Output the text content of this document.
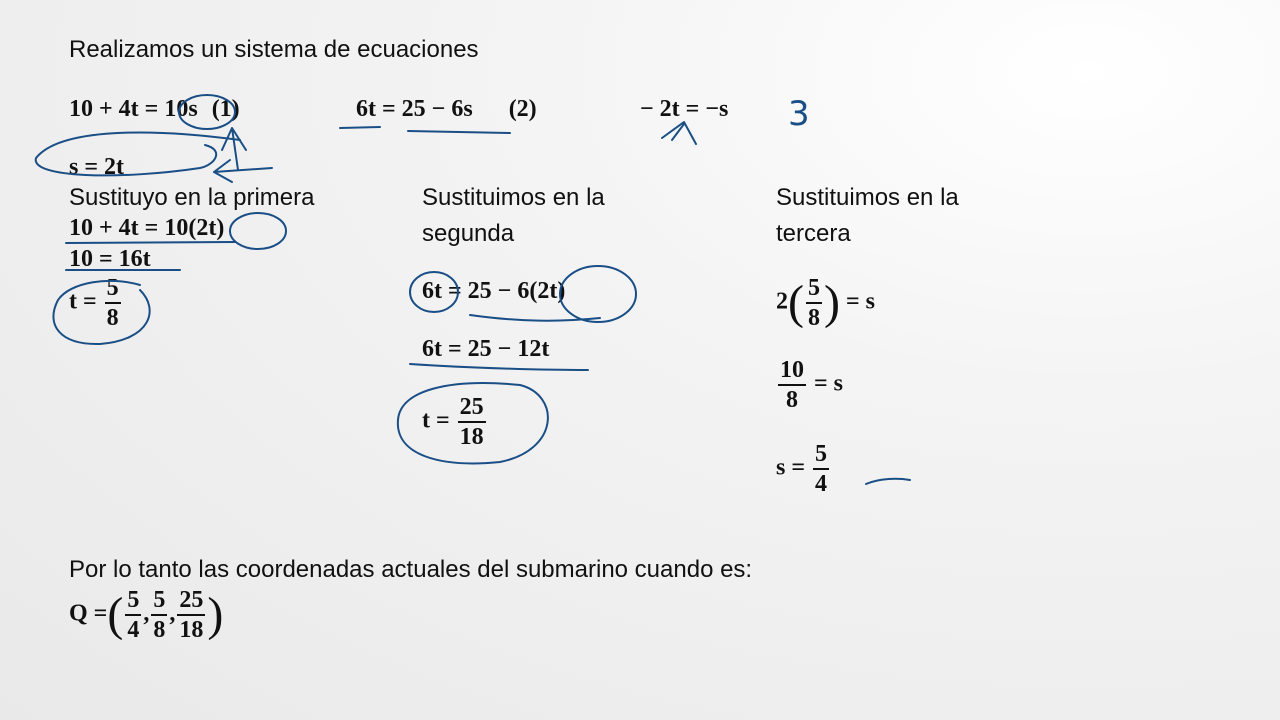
Realizamos un sistema de ecuaciones
10 + 4t = 10s (1)	6t = 25 − 6s (2)	− 2t = −s 3
s = 2t
Sustituyo en la primera
10 + 4t = 10(2t)
10 = 16t
$t = \frac{5}{8}$
Sustituimos en la
segunda
6t = 25 − 6(2t)
6t = 25 − 12t
$t = \frac{25}{18}$
Sustituimos en la
tercera
$2( \frac{5}{8}$ ) = s
$\frac{10}{8} = s$
$s = \frac{5}{4}$
Por lo tanto las coordenadas actuales del submarino cuando es:
Q =( $\frac{5}{4}$ , $\frac{5}{8}$ , $\frac{25}{18}$ )
